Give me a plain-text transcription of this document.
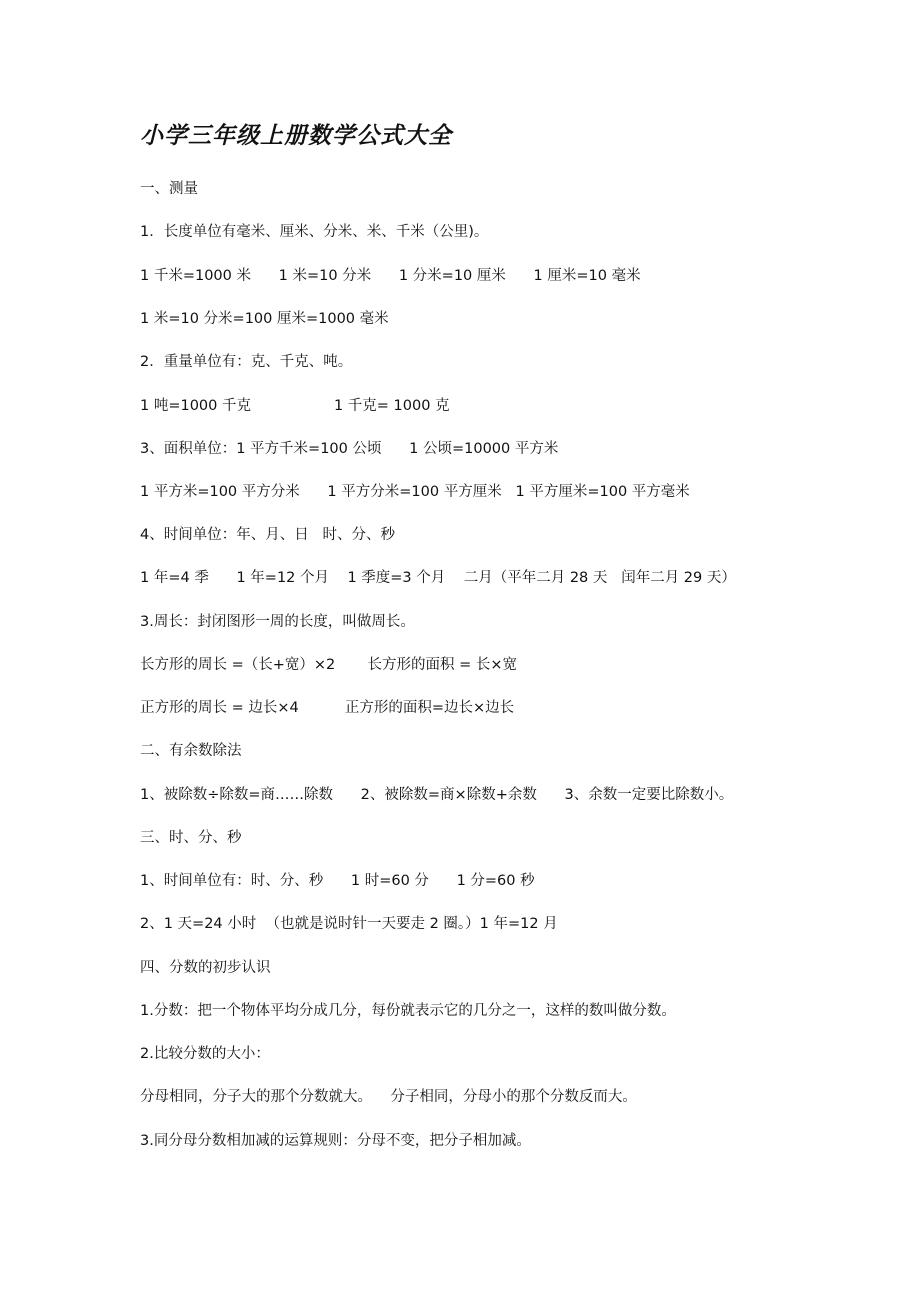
小学三年级上册数学公式大全
一、测量
1．长度单位有毫米、厘米、分米、米、千米（公里)。
1 千米=1000 米      1 米=10 分米      1 分米=10 厘米      1 厘米=10 毫米
1 米=10 分米=100 厘米=1000 毫米
2．重量单位有：克、千克、吨。
1 吨=1000 千克                  1 千克= 1000 克
3、面积单位：1 平方千米=100 公顷      1 公顷=10000 平方米
1 平方米=100 平方分米      1 平方分米=100 平方厘米   1 平方厘米=100 平方毫米
4、时间单位：年、月、日   时、分、秒
1 年=4 季      1 年=12 个月    1 季度=3 个月    二月（平年二月 28 天   闰年二月 29 天）
3.周长：封闭图形一周的长度，叫做周长。
长方形的周长 =（长+宽）×2       长方形的面积 = 长×宽
正方形的周长 = 边长×4          正方形的面积=边长×边长
二、有余数除法
1、被除数÷除数=商……除数      2、被除数=商×除数+余数      3、余数一定要比除数小。
三、时、分、秒
1、时间单位有：时、分、秒      1 时=60 分      1 分=60 秒
2、1 天=24 小时  （也就是说时针一天要走 2 圈。）1 年=12 月
四、分数的初步认识
1.分数：把一个物体平均分成几分，每份就表示它的几分之一，这样的数叫做分数。
2.比较分数的大小：
分母相同，分子大的那个分数就大。    分子相同，分母小的那个分数反而大。
3.同分母分数相加减的运算规则：分母不变，把分子相加减。
